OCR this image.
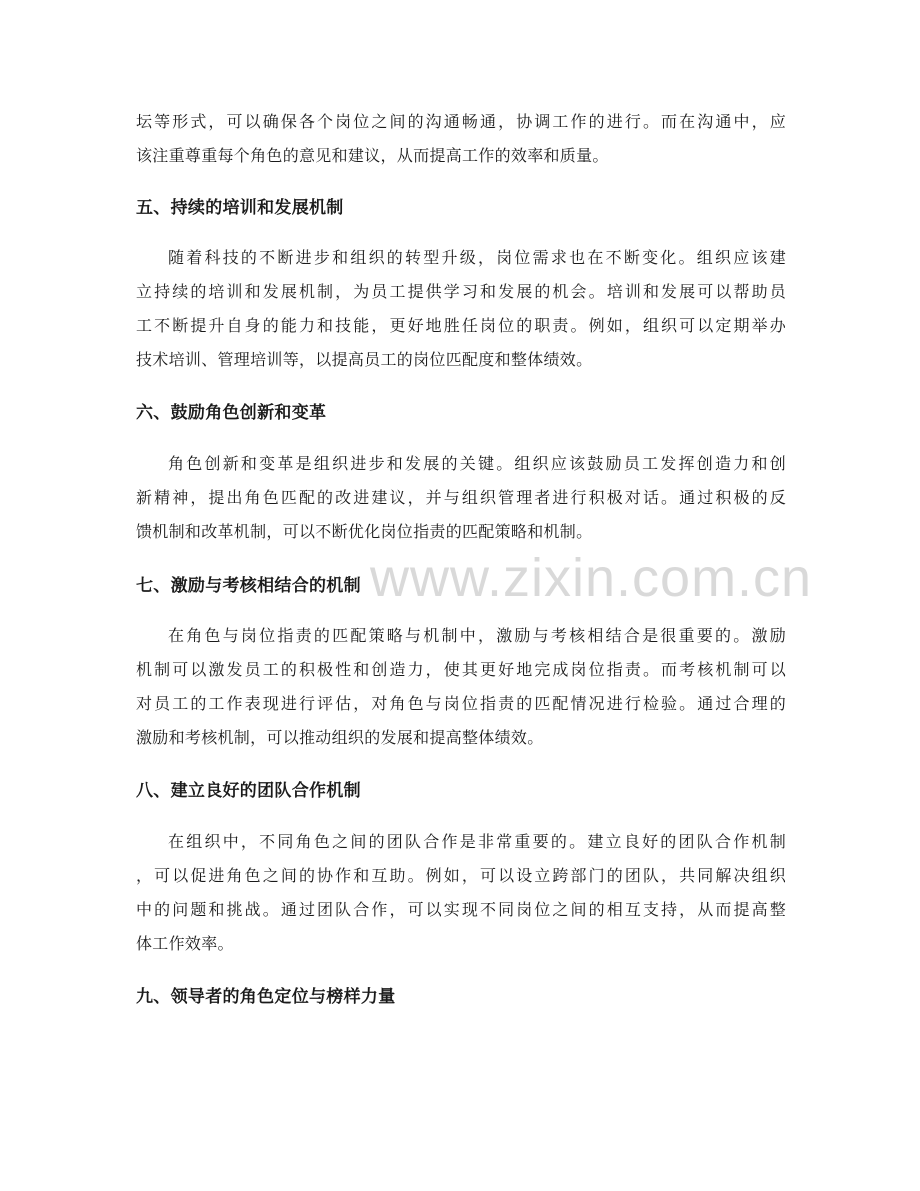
www.zixin.com.cn
坛等形式，可以确保各个岗位之间的沟通畅通，协调工作的进行。而在沟通中，应
该注重尊重每个角色的意见和建议，从而提高工作的效率和质量。
五、持续的培训和发展机制
随着科技的不断进步和组织的转型升级，岗位需求也在不断变化。组织应该建
立持续的培训和发展机制，为员工提供学习和发展的机会。培训和发展可以帮助员
工不断提升自身的能力和技能，更好地胜任岗位的职责。例如，组织可以定期举办
技术培训、管理培训等，以提高员工的岗位匹配度和整体绩效。
六、鼓励角色创新和变革
角色创新和变革是组织进步和发展的关键。组织应该鼓励员工发挥创造力和创
新精神，提出角色匹配的改进建议，并与组织管理者进行积极对话。通过积极的反
馈机制和改革机制，可以不断优化岗位指责的匹配策略和机制。
七、激励与考核相结合的机制
在角色与岗位指责的匹配策略与机制中，激励与考核相结合是很重要的。激励
机制可以激发员工的积极性和创造力，使其更好地完成岗位指责。而考核机制可以
对员工的工作表现进行评估，对角色与岗位指责的匹配情况进行检验。通过合理的
激励和考核机制，可以推动组织的发展和提高整体绩效。
八、建立良好的团队合作机制
在组织中，不同角色之间的团队合作是非常重要的。建立良好的团队合作机制
，可以促进角色之间的协作和互助。例如，可以设立跨部门的团队，共同解决组织
中的问题和挑战。通过团队合作，可以实现不同岗位之间的相互支持，从而提高整
体工作效率。
九、领导者的角色定位与榜样力量
